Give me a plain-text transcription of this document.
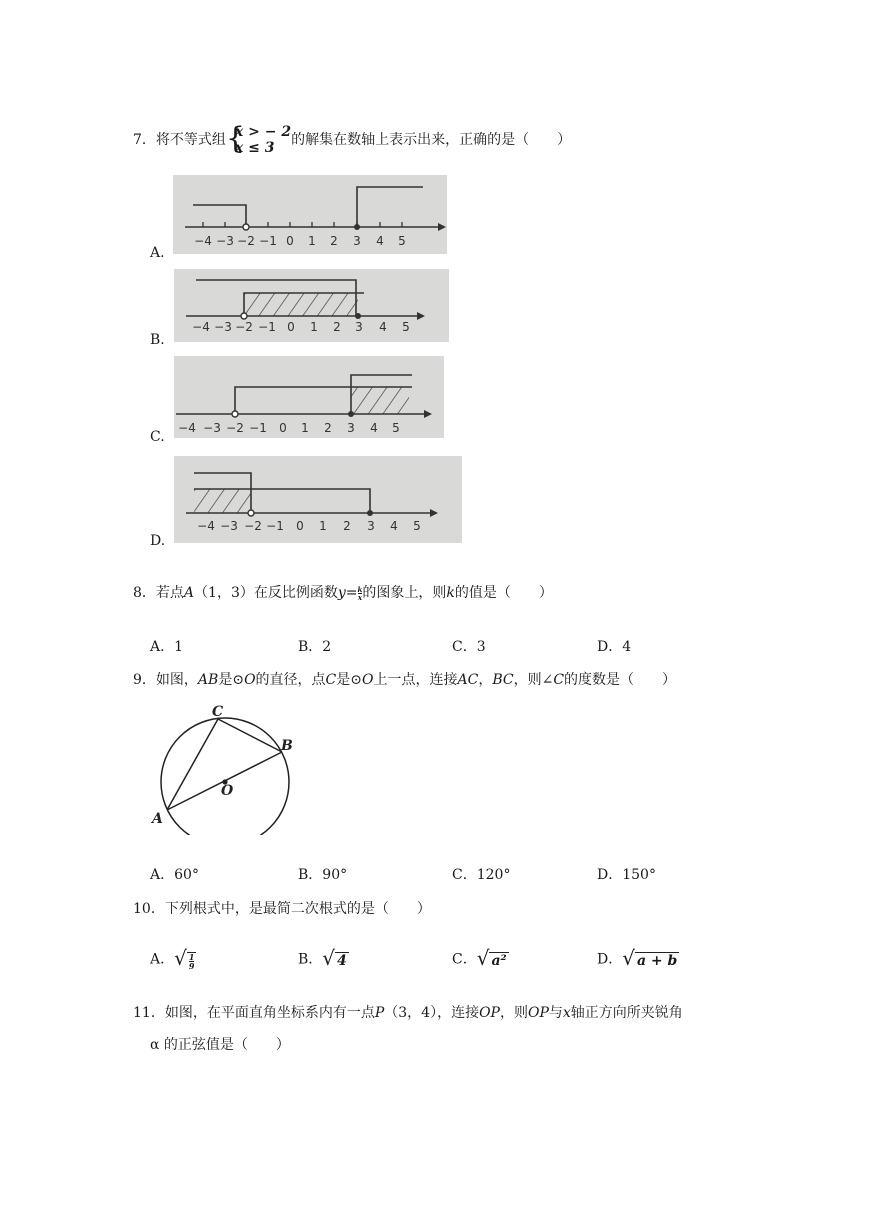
7．将不等式组 {
x > − 2
x ≤ 3	的解集在数轴上表示出来，正确的是（　　）
−4 −3 −2 −1 0 1 2 3 4 5
A.
−4 −3 −2 −1 0 1 2 3 4 5
B.
−4 −3 −2 −1 0 1 2 3 4 5
C.
−4 −3 −2 −1 0 1 2 3 4 5
D.
8．若点A（1，3）在反比例函数$y= \frac{k}{x}$ 的图象上，则k的值是（　　）
A．1	B．2	C．3	D．4
9．如图，AB是⊙O的直径，点C是⊙O上一点，连接AC，BC，则∠C的度数是（　　）
C
B
O
A
A．60°	B．90°	C．120°	D．150°
10．下列根式中，是最简二次根式的是（　　）
A．√ $\frac{1}{9}$	B．√ 4	C．√ a²	D．√ a + b
11．如图，在平面直角坐标系内有一点P（3，4），连接OP，则OP与x轴正方向所夹锐角
α 的正弦值是（　　）
